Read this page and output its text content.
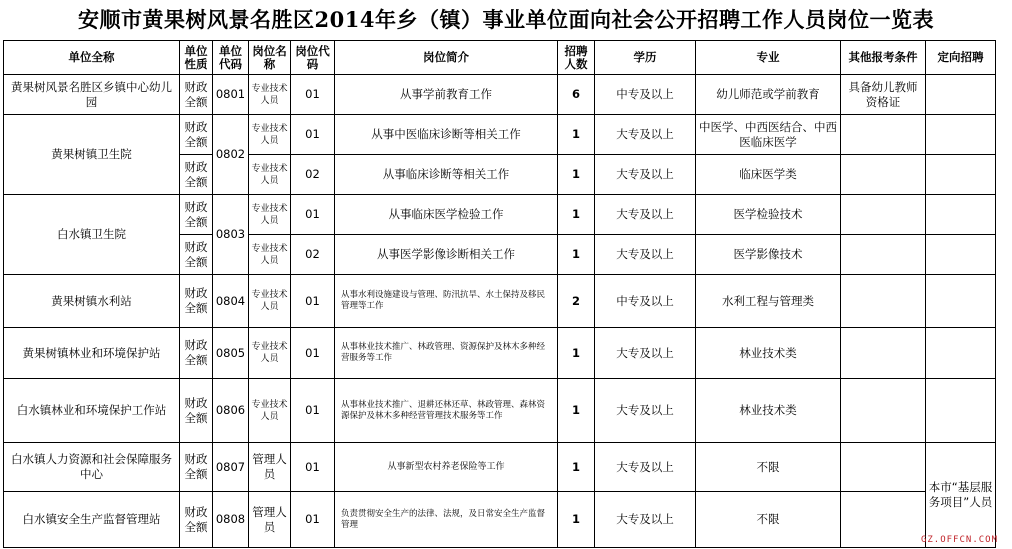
安顺市黄果树风景名胜区2014年乡（镇）事业单位面向社会公开招聘工作人员岗位一览表
单位全称	单位性质	单位代码	岗位名称	岗位代码	岗位简介	招聘人数	学历	专业	其他报考条件	定向招聘
黄果树风景名胜区乡镇中心幼儿园	财政全额	0801	专业技术人员	01	从事学前教育工作	6	中专及以上	幼儿师范或学前教育	具备幼儿教师资格证	
黄果树镇卫生院	财政全额	0802	专业技术人员	01	从事中医临床诊断等相关工作	1	大专及以上	中医学、中西医结合、中西医临床医学		
	财政全额		专业技术人员	02	从事临床诊断等相关工作	1	大专及以上	临床医学类		
白水镇卫生院	财政全额	0803	专业技术人员	01	从事临床医学检验工作	1	大专及以上	医学检验技术		
	财政全额		专业技术人员	02	从事医学影像诊断相关工作	1	大专及以上	医学影像技术		
黄果树镇水利站	财政全额	0804	专业技术人员	01	从事水利设施建设与管理、防汛抗旱、水土保持及移民管理等工作	2	中专及以上	水利工程与管理类		
黄果树镇林业和环境保护站	财政全额	0805	专业技术人员	01	从事林业技术推广、林政管理、资源保护及林木多种经营服务等工作	1	大专及以上	林业技术类		
白水镇林业和环境保护工作站	财政全额	0806	专业技术人员	01	从事林业技术推广、退耕还林还草、林政管理、森林资源保护及林木多种经营管理技术服务等工作	1	大专及以上	林业技术类		
白水镇人力资源和社会保障服务中心	财政全额	0807	管理人员	01	从事新型农村养老保险等工作	1	大专及以上	不限		本市“基层服务项目”人员
白水镇安全生产监督管理站	财政全额	0808	管理人员	01	负责贯彻安全生产的法律、法规，及日常安全生产监督管理	1	大专及以上	不限		
GZ.OFFCN.COM
